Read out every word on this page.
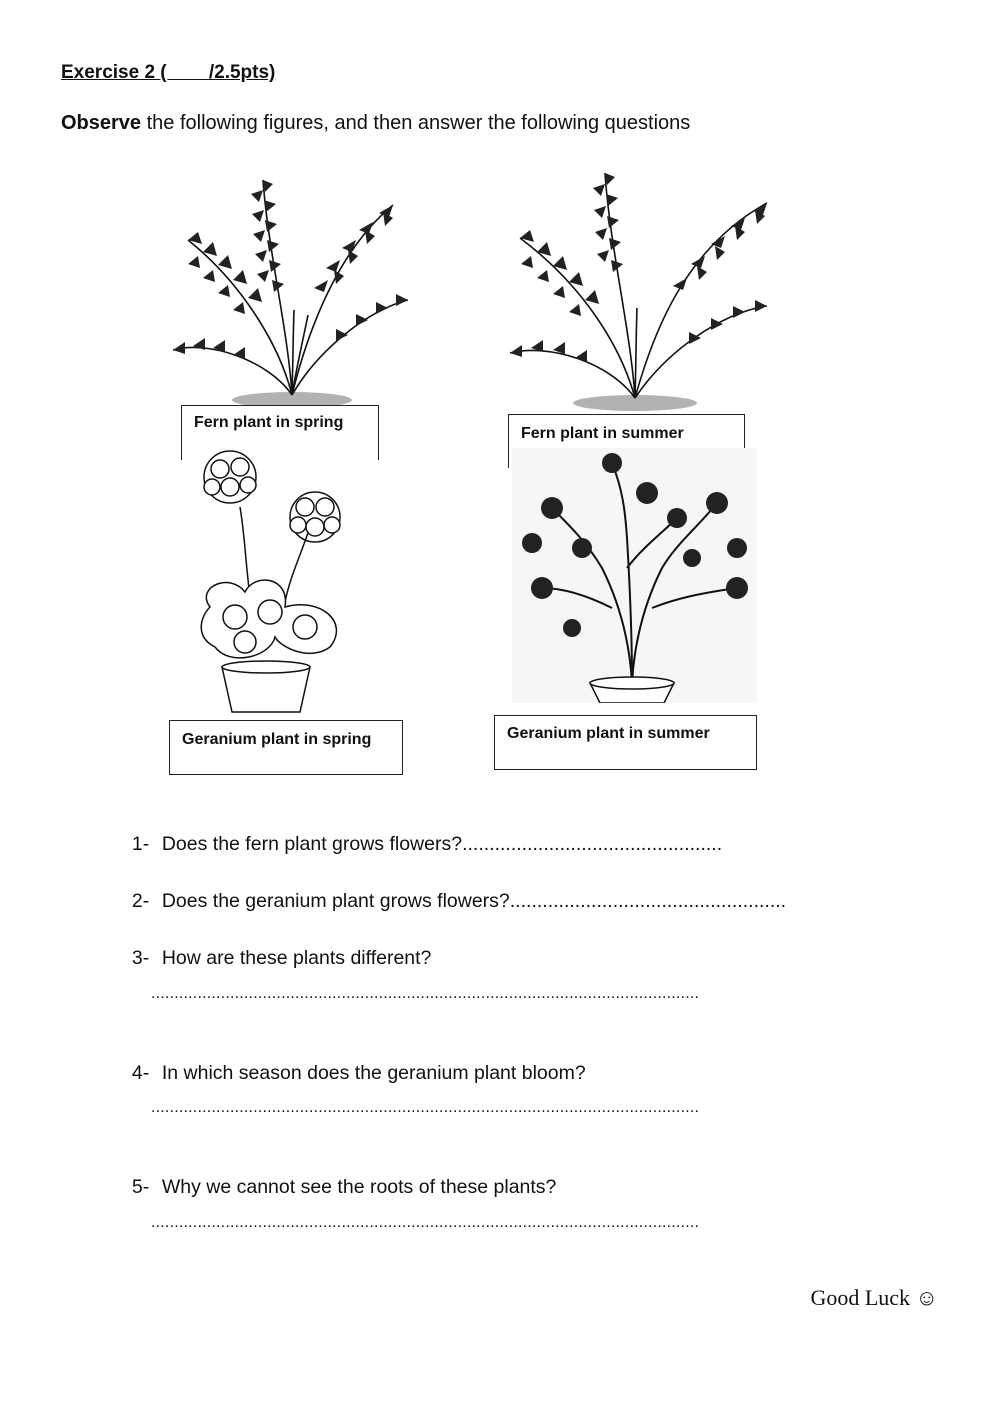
Exercise 2 (        /2.5pts)
Observe the following figures, and then answer the following questions
Fern plant in spring
Fern plant in summer
Geranium plant in spring	Geranium plant in summer

1- Does the fern plant grows flowers?................................................

2- Does the geranium plant grows flowers?...................................................

3- How are these plants different?

......................................................................................................................

4- In which season does the geranium plant bloom?

......................................................................................................................

5- Why we cannot see the roots of these plants?

......................................................................................................................
Good Luck ☺
